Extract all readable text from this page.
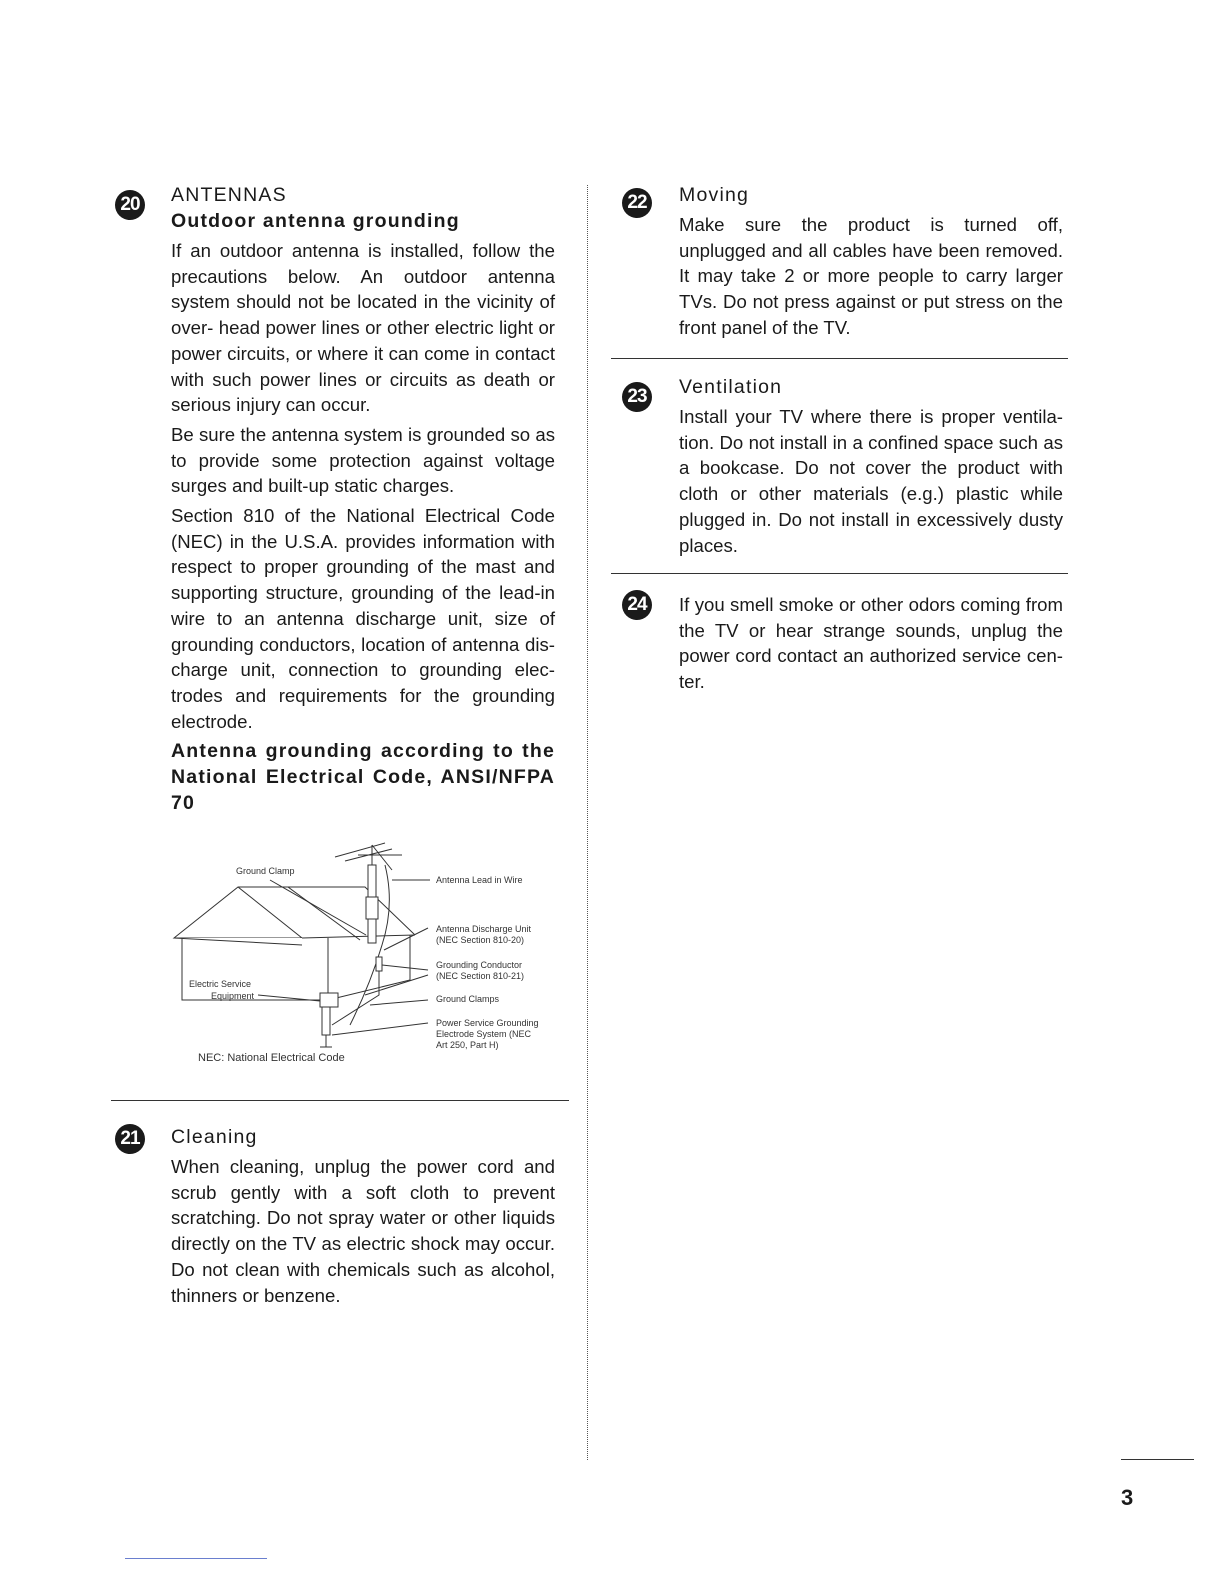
20 ANTENNAS
Outdoor antenna grounding

If an outdoor antenna is installed, follow the precautions below. An outdoor antenna system should not be located in the vicinity of over- head power lines or other electric light or power circuits, or where it can come in contact with such power lines or circuits as death or serious injury can occur.

Be sure the antenna system is grounded so as to provide some protection against voltage surges and built-up static charges.

Section 810 of the National Electrical Code (NEC) in the U.S.A. provides information with respect to proper grounding of the mast and supporting structure, grounding of the lead-in wire to an antenna discharge unit, size of grounding conductors, location of antenna dis- charge unit, connection to grounding elec- trodes and requirements for the grounding electrode.

Antenna grounding according to the National Electrical Code, ANSI/NFPA 70
Ground Clamp
Antenna Lead in Wire
Antenna Discharge Unit
(NEC Section 810-20)
Grounding Conductor
(NEC Section 810-21)
Electric Service
Equipment	Ground Clamps
Power Service Grounding
Electrode System (NEC
Art 250, Part H)
NEC: National Electrical Code
21 Cleaning

When cleaning, unplug the power cord and scrub gently with a soft cloth to prevent scratching. Do not spray water or other liquids directly on the TV as electric shock may occur. Do not clean with chemicals such as alcohol, thinners or benzene.

22 Moving

Make sure the product is turned off, unplugged and all cables have been removed. It may take 2 or more people to carry larger TVs. Do not press against or put stress on the front panel of the TV.

23 Ventilation

Install your TV where there is proper ventila- tion. Do not install in a confined space such as a bookcase. Do not cover the product with cloth or other materials (e.g.) plastic while plugged in. Do not install in excessively dusty places.

24 If you smell smoke or other odors coming from the TV or hear strange sounds, unplug the power cord contact an authorized service cen- ter.

3
